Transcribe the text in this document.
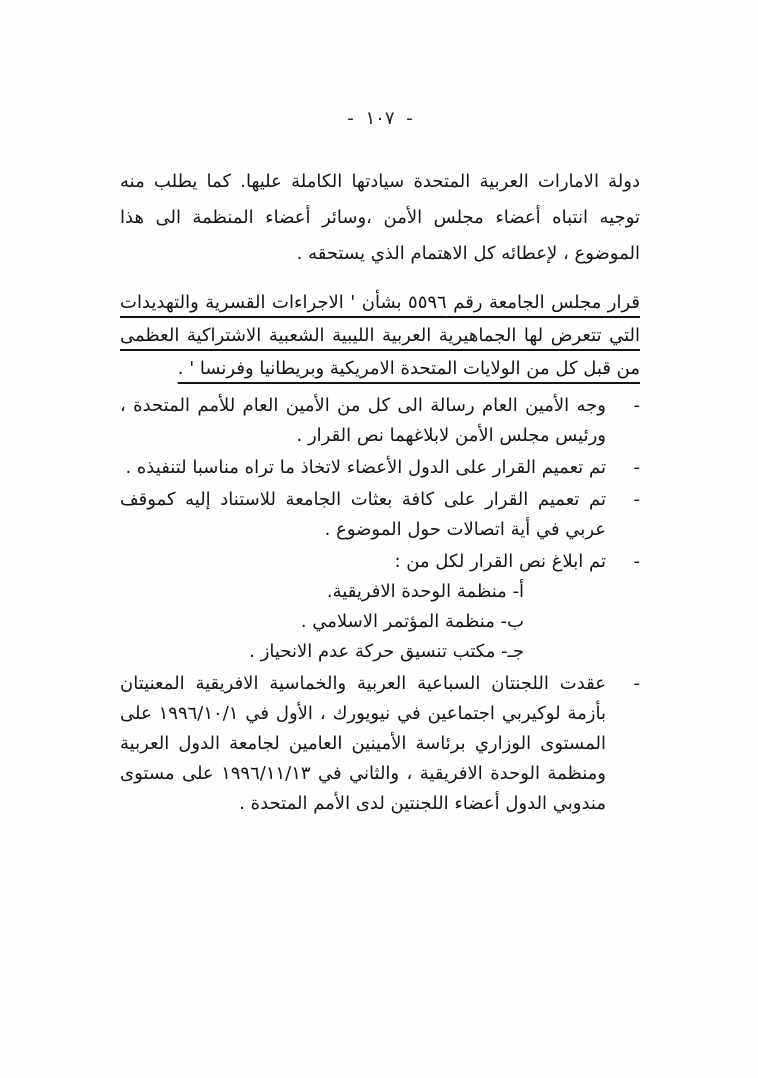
- ١٠٧ -

دولة الامارات العربية المتحدة سيادتها الكاملة عليها. كما يطلب منه توجيه انتباه أعضاء مجلس الأمن ،وسائر أعضاء المنظمة الى هذا الموضوع ، لإعطائه كل الاهتمام الذي يستحقه .

قرار مجلس الجامعة رقم ٥٥٩٦ بشأن ' الاجراءات القسرية والتهديدات التي تتعرض لها الجماهيرية العربية الليبية الشعبية الاشتراكية العظمى من قبل كل من الولايات المتحدة الامريكية وبريطانيا وفرنسا ' .

-
وجه الأمين العام رسالة الى كل من الأمين العام للأمم المتحدة ، ورئيس مجلس الأمن لابلاغهما نص القرار .
-
تم تعميم القرار على الدول الأعضاء لاتخاذ ما تراه مناسبا لتنفيذه .
-
تم تعميم القرار على كافة بعثات الجامعة للاستناد إليه كموقف عربي في أية اتصالات حول الموضوع .
-
تم ابلاغ نص القرار لكل من :
أ- منظمة الوحدة الافريقية.
ب- منظمة المؤتمر الاسلامي .
جـ- مكتب تنسيق حركة عدم الانحياز .
-
عقدت اللجنتان السباعية العربية والخماسية الافريقية المعنيتان بأزمة لوكيربي اجتماعين في نيويورك ، الأول في ١٩٩٦/١٠/١ على المستوى الوزاري برئاسة الأمينين العامين لجامعة الدول العربية ومنظمة الوحدة الافريقية ، والثاني في ١٩٩٦/١١/١٣ على مستوى مندوبي الدول أعضاء اللجنتين لدى الأمم المتحدة .
